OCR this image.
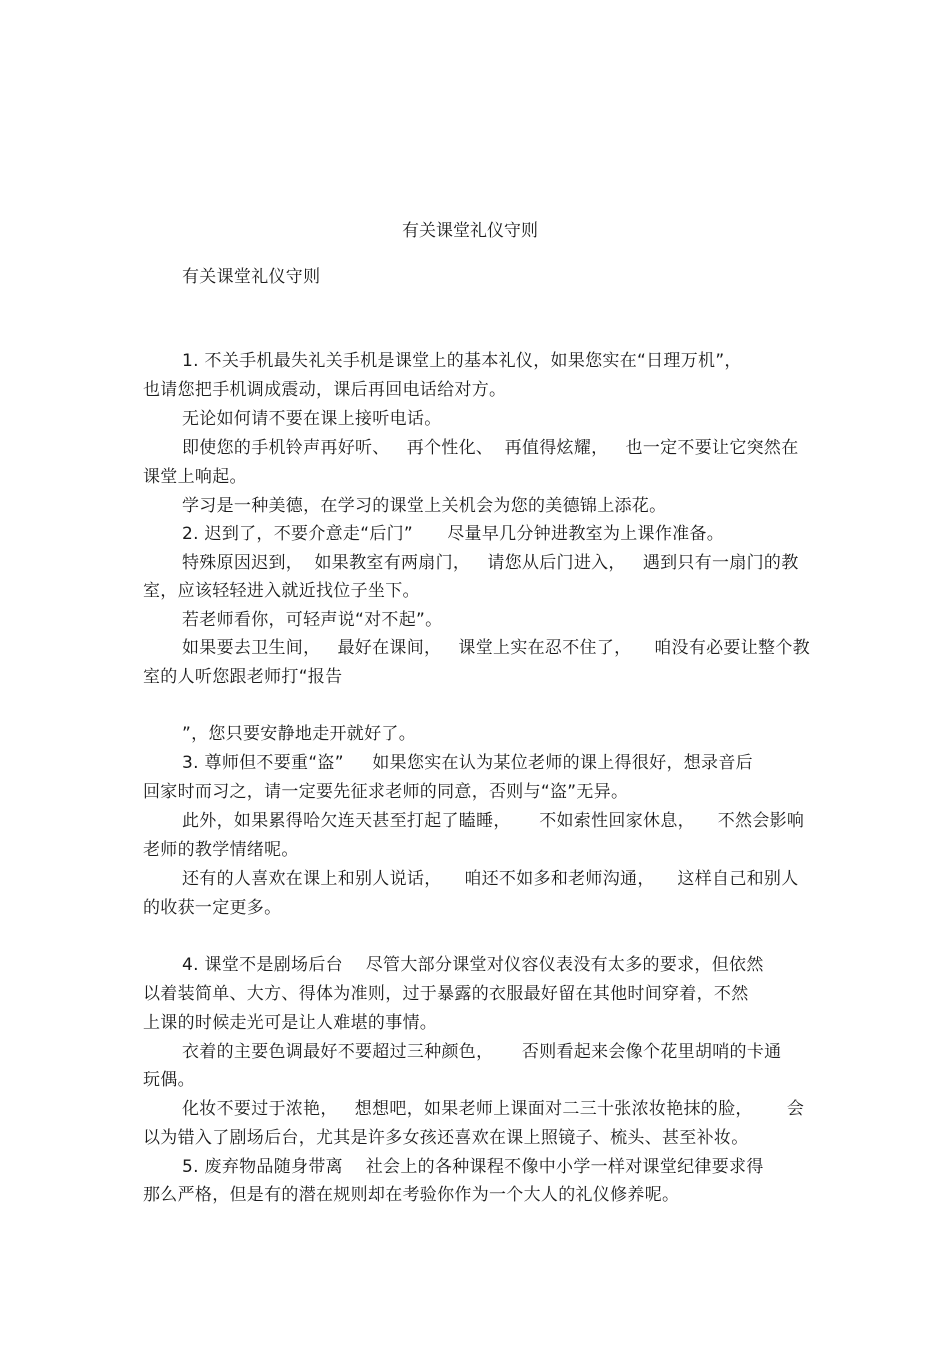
有关课堂礼仪守则
有关课堂礼仪守则
1. 不关手机最失礼关手机是课堂上的基本礼仪，如果您实在“日理万机”，
也请您把手机调成震动，课后再回电话给对方。
无论如何请不要在课上接听电话。
即使您的手机铃声再好听、   再个性化、  再值得炫耀，   也一定不要让它突然在
课堂上响起。
学习是一种美德，在学习的课堂上关机会为您的美德锦上添花。
2. 迟到了，不要介意走“后门”      尽量早几分钟进教室为上课作准备。
特殊原因迟到，  如果教室有两扇门，   请您从后门进入，   遇到只有一扇门的教
室，应该轻轻进入就近找位子坐下。
若老师看你，可轻声说“对不起”。
如果要去卫生间，   最好在课间，   课堂上实在忍不住了，    咱没有必要让整个教
室的人听您跟老师打“报告
”，您只要安静地走开就好了。
3. 尊师但不要重“盗”     如果您实在认为某位老师的课上得很好，想录音后
回家时而习之，请一定要先征求老师的同意，否则与“盗”无异。
此外，如果累得哈欠连天甚至打起了瞌睡，     不如索性回家休息，    不然会影响
老师的教学情绪呢。
还有的人喜欢在课上和别人说话，    咱还不如多和老师沟通，    这样自己和别人
的收获一定更多。
4. 课堂不是剧场后台    尽管大部分课堂对仪容仪表没有太多的要求，但依然
以着装简单、大方、得体为准则，过于暴露的衣服最好留在其他时间穿着，不然
上课的时候走光可是让人难堪的事情。
衣着的主要色调最好不要超过三种颜色，     否则看起来会像个花里胡哨的卡通
玩偶。
化妆不要过于浓艳，   想想吧，如果老师上课面对二三十张浓妆艳抹的脸，      会
以为错入了剧场后台，尤其是许多女孩还喜欢在课上照镜子、梳头、甚至补妆。
5. 废弃物品随身带离    社会上的各种课程不像中小学一样对课堂纪律要求得
那么严格，但是有的潜在规则却在考验你作为一个大人的礼仪修养呢。
